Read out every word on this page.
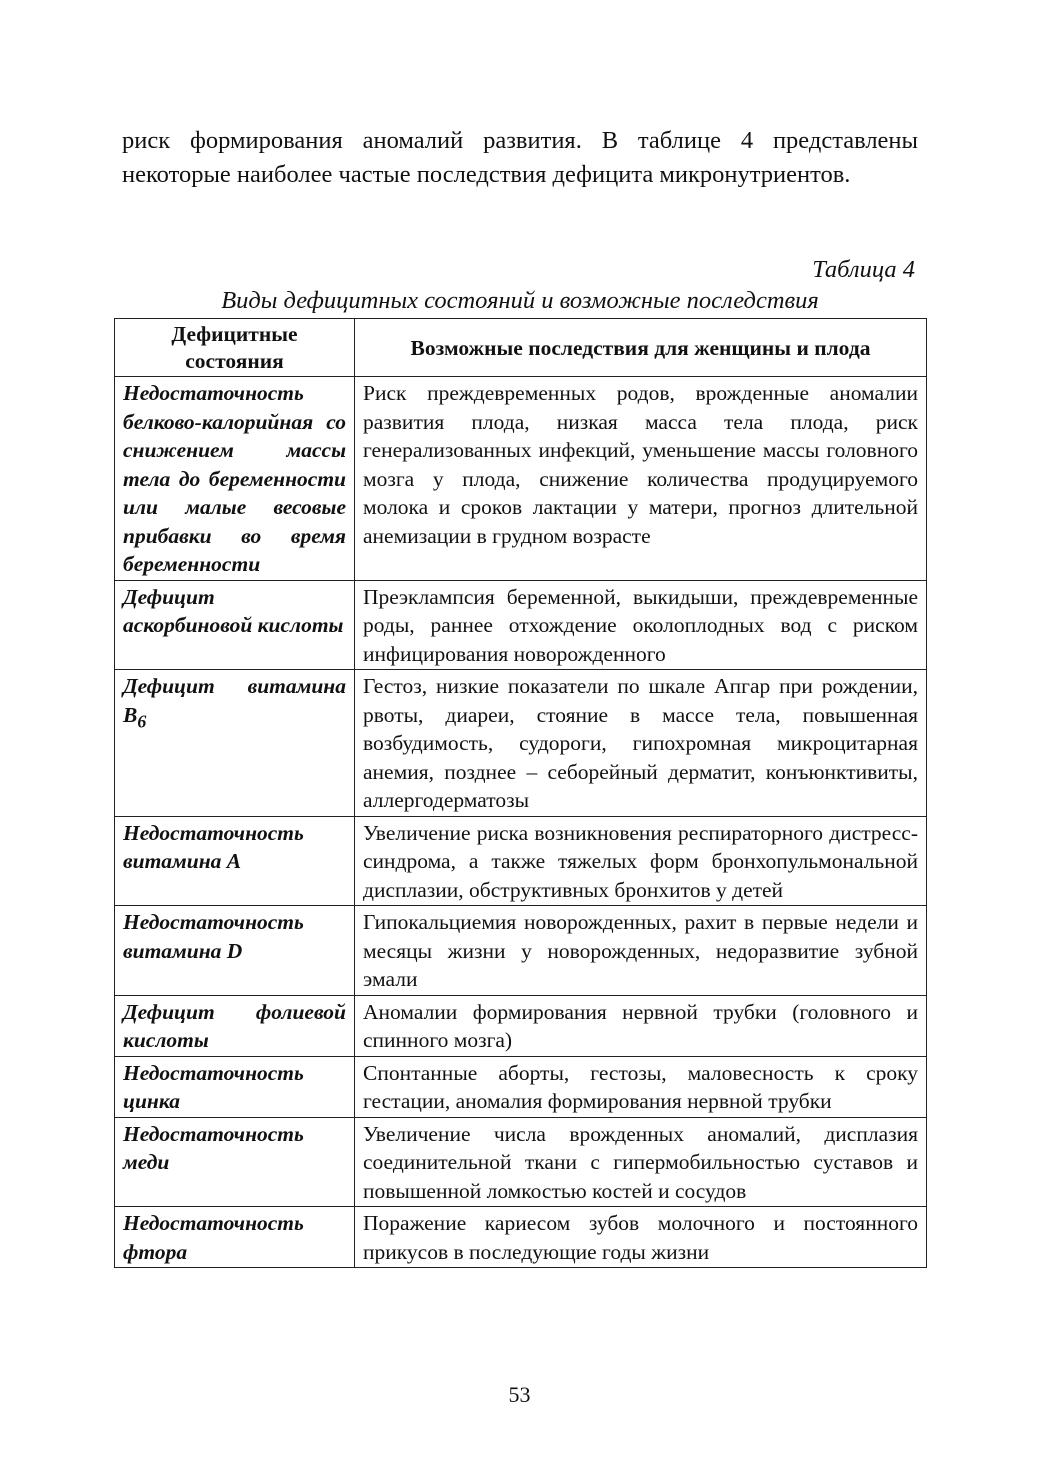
риск формирования аномалий развития. В таблице 4 представлены некоторые наиболее частые последствия дефицита микронутриентов.

Таблица 4
Виды дефицитных состояний и возможные последствия
Дефицитные состояния	Возможные последствия для женщины и плода
Недостаточность белково-калорийная со снижением массы тела до беременности или малые весовые прибавки во время беременности	Риск преждевременных родов, врожденные аномалии развития плода, низкая масса тела плода, риск генерализованных инфекций, уменьшение массы головного мозга у плода, снижение количества продуцируемого молока и сроков лактации у матери, прогноз длительной анемизации в грудном возрасте
Дефицит аскорбиновой кислоты	Преэклампсия беременной, выкидыши, преждевременные роды, раннее отхождение околоплодных вод с риском инфицирования новорожденного
Дефицит витамина $B_6$	Гестоз, низкие показатели по шкале Апгар при рождении, рвоты, диареи, стояние в массе тела, повышенная возбудимость, судороги, гипохромная микроцитарная анемия, позднее – себорейный дерматит, конъюнктивиты, аллергодерматозы
Недостаточность витамина А	Увеличение риска возникновения респираторного дистресс-синдрома, а также тяжелых форм бронхопульмональной дисплазии, обструктивных бронхитов у детей
Недостаточность витамина D	Гипокальциемия новорожденных, рахит в первые недели и месяцы жизни у новорожденных, недоразвитие зубной эмали
Дефицит фолиевой кислоты	Аномалии формирования нервной трубки (головного и спинного мозга)
Недостаточность цинка	Спонтанные аборты, гестозы, маловесность к сроку гестации, аномалия формирования нервной трубки
Недостаточность меди	Увеличение числа врожденных аномалий, дисплазия соединительной ткани с гипермобильностью суставов и повышенной ломкостью костей и сосудов
Недостаточность фтора	Поражение кариесом зубов молочного и постоянного прикусов в последующие годы жизни
53
